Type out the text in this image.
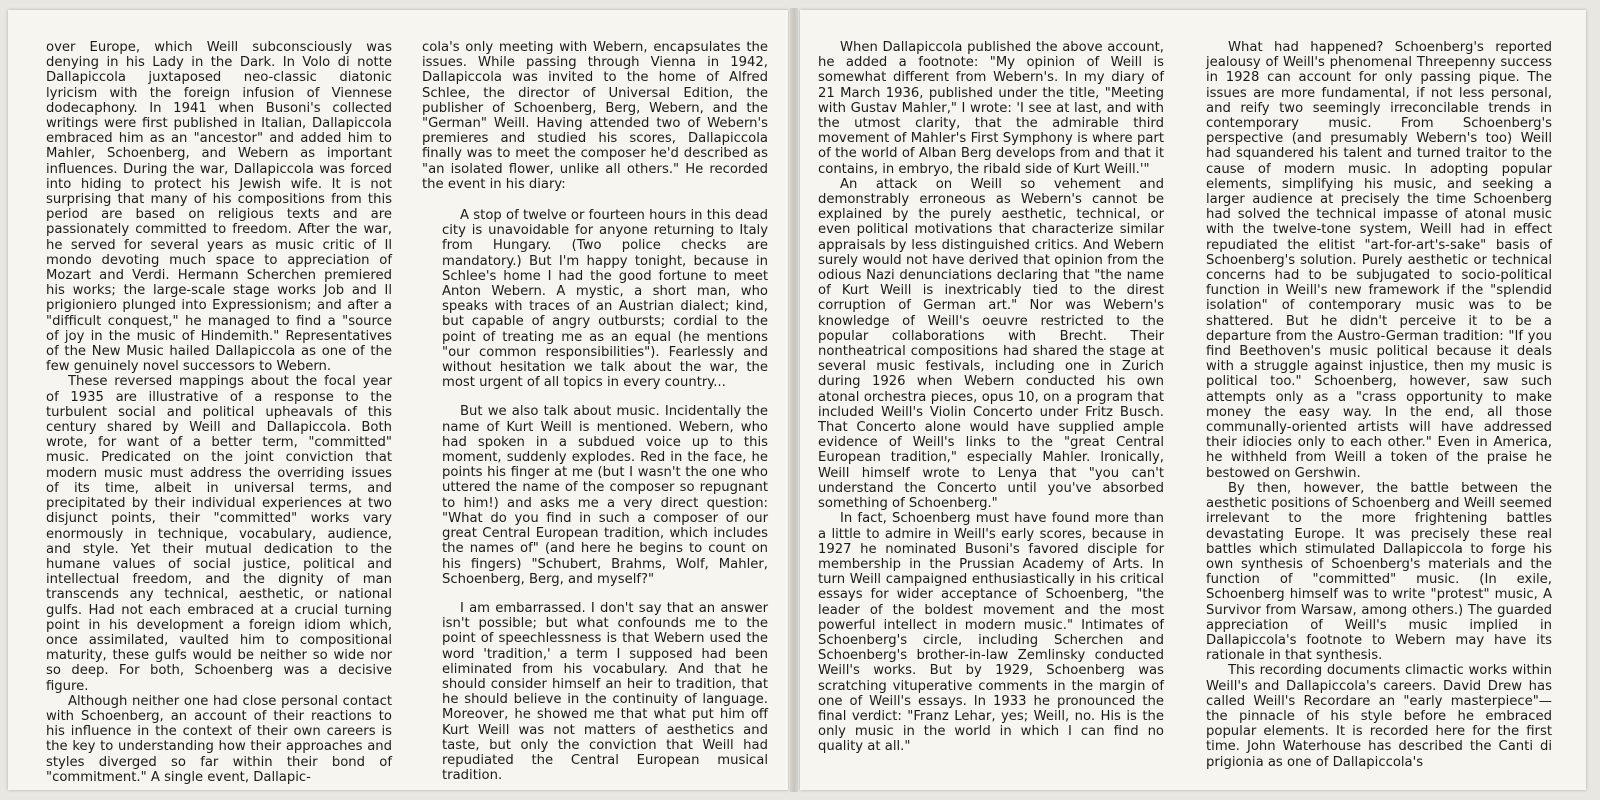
over Europe, which Weill subconsciously was denying in his Lady in the Dark. In Volo di notte Dallapiccola juxtaposed neo-classic diatonic lyricism with the foreign infusion of Viennese dodecaphony. In 1941 when Busoni's collected writings were first published in Italian, Dallapiccola embraced him as an "ancestor" and added him to Mahler, Schoenberg, and Webern as important influences. During the war, Dallapiccola was forced into hiding to protect his Jewish wife. It is not surprising that many of his compositions from this period are based on religious texts and are passionately committed to freedom. After the war, he served for several years as music critic of Il mondo devoting much space to appreciation of Mozart and Verdi. Hermann Scherchen premiered his works; the large-scale stage works Job and Il prigioniero plunged into Expressionism; and after a "difficult conquest," he managed to find a "source of joy in the music of Hindemith." Representatives of the New Music hailed Dallapiccola as one of the few genuinely novel successors to Webern.

These reversed mappings about the focal year of 1935 are illustrative of a response to the turbulent social and political upheavals of this century shared by Weill and Dallapiccola. Both wrote, for want of a better term, "committed" music. Predicated on the joint conviction that modern music must address the overriding issues of its time, albeit in universal terms, and precipitated by their individual experiences at two disjunct points, their "committed" works vary enormously in technique, vocabulary, audience, and style. Yet their mutual dedication to the humane values of social justice, political and intellectual freedom, and the dignity of man transcends any technical, aesthetic, or national gulfs. Had not each embraced at a crucial turning point in his development a foreign idiom which, once assimilated, vaulted him to compositional maturity, these gulfs would be neither so wide nor so deep. For both, Schoenberg was a decisive figure.

Although neither one had close personal contact with Schoenberg, an account of their reactions to his influence in the context of their own careers is the key to understanding how their approaches and styles diverged so far within their bond of "commitment." A single event, Dallapic-

cola's only meeting with Webern, encapsulates the issues. While passing through Vienna in 1942, Dallapiccola was invited to the home of Alfred Schlee, the director of Universal Edition, the publisher of Schoenberg, Berg, Webern, and the "German" Weill. Having attended two of Webern's premieres and studied his scores, Dallapiccola finally was to meet the composer he'd described as "an isolated flower, unlike all others." He recorded the event in his diary:

A stop of twelve or fourteen hours in this dead city is unavoidable for anyone returning to Italy from Hungary. (Two police checks are mandatory.) But I'm happy tonight, because in Schlee's home I had the good fortune to meet Anton Webern. A mystic, a short man, who speaks with traces of an Austrian dialect; kind, but capable of angry outbursts; cordial to the point of treating me as an equal (he mentions "our common responsibilities"). Fearlessly and without hesitation we talk about the war, the most urgent of all topics in every country...

But we also talk about music. Incidentally the name of Kurt Weill is mentioned. Webern, who had spoken in a subdued voice up to this moment, suddenly explodes. Red in the face, he points his finger at me (but I wasn't the one who uttered the name of the composer so repugnant to him!) and asks me a very direct question: "What do you find in such a composer of our great Central European tradition, which includes the names of" (and here he begins to count on his fingers) "Schubert, Brahms, Wolf, Mahler, Schoenberg, Berg, and myself?"

I am embarrassed. I don't say that an answer isn't possible; but what confounds me to the point of speechlessness is that Webern used the word 'tradition,' a term I supposed had been eliminated from his vocabulary. And that he should consider himself an heir to tradition, that he should believe in the continuity of language. Moreover, he showed me that what put him off Kurt Weill was not matters of aesthetics and taste, but only the conviction that Weill had repudiated the Central European musical tradition.

When Dallapiccola published the above account, he added a footnote: "My opinion of Weill is somewhat different from Webern's. In my diary of 21 March 1936, published under the title, "Meeting with Gustav Mahler," I wrote: 'I see at last, and with the utmost clarity, that the admirable third movement of Mahler's First Symphony is where part of the world of Alban Berg develops from and that it contains, in embryo, the ribald side of Kurt Weill.'"

An attack on Weill so vehement and demonstrably erroneous as Webern's cannot be explained by the purely aesthetic, technical, or even political motivations that characterize similar appraisals by less distinguished critics. And Webern surely would not have derived that opinion from the odious Nazi denunciations declaring that "the name of Kurt Weill is inextricably tied to the direst corruption of German art." Nor was Webern's knowledge of Weill's oeuvre restricted to the popular collaborations with Brecht. Their nontheatrical compositions had shared the stage at several music festivals, including one in Zurich during 1926 when Webern conducted his own atonal orchestra pieces, opus 10, on a program that included Weill's Violin Concerto under Fritz Busch. That Concerto alone would have supplied ample evidence of Weill's links to the "great Central European tradition," especially Mahler. Ironically, Weill himself wrote to Lenya that "you can't understand the Concerto until you've absorbed something of Schoenberg."

In fact, Schoenberg must have found more than a little to admire in Weill's early scores, because in 1927 he nominated Busoni's favored disciple for membership in the Prussian Academy of Arts. In turn Weill campaigned enthusiastically in his critical essays for wider acceptance of Schoenberg, "the leader of the boldest movement and the most powerful intellect in modern music." Intimates of Schoenberg's circle, including Scherchen and Schoenberg's brother-in-law Zemlinsky conducted Weill's works. But by 1929, Schoenberg was scratching vituperative comments in the margin of one of Weill's essays. In 1933 he pronounced the final verdict: "Franz Lehar, yes; Weill, no. His is the only music in the world in which I can find no quality at all."

What had happened? Schoenberg's reported jealousy of Weill's phenomenal Threepenny success in 1928 can account for only passing pique. The issues are more fundamental, if not less personal, and reify two seemingly irreconcilable trends in contemporary music. From Schoenberg's perspective (and presumably Webern's too) Weill had squandered his talent and turned traitor to the cause of modern music. In adopting popular elements, simplifying his music, and seeking a larger audience at precisely the time Schoenberg had solved the technical impasse of atonal music with the twelve-tone system, Weill had in effect repudiated the elitist "art-for-art's-sake" basis of Schoenberg's solution. Purely aesthetic or technical concerns had to be subjugated to socio-political function in Weill's new framework if the "splendid isolation" of contemporary music was to be shattered. But he didn't perceive it to be a departure from the Austro-German tradition: "If you find Beethoven's music political because it deals with a struggle against injustice, then my music is political too." Schoenberg, however, saw such attempts only as a "crass opportunity to make money the easy way. In the end, all those communally-oriented artists will have addressed their idiocies only to each other." Even in America, he withheld from Weill a token of the praise he bestowed on Gershwin.

By then, however, the battle between the aesthetic positions of Schoenberg and Weill seemed irrelevant to the more frightening battles devastating Europe. It was precisely these real battles which stimulated Dallapiccola to forge his own synthesis of Schoenberg's materials and the function of "committed" music. (In exile, Schoenberg himself was to write "protest" music, A Survivor from Warsaw, among others.) The guarded appreciation of Weill's music implied in Dallapiccola's footnote to Webern may have its rationale in that synthesis.

This recording documents climactic works within Weill's and Dallapiccola's careers. David Drew has called Weill's Recordare an "early masterpiece"—the pinnacle of his style before he embraced popular elements. It is recorded here for the first time. John Waterhouse has described the Canti di prigionia as one of Dallapiccola's
